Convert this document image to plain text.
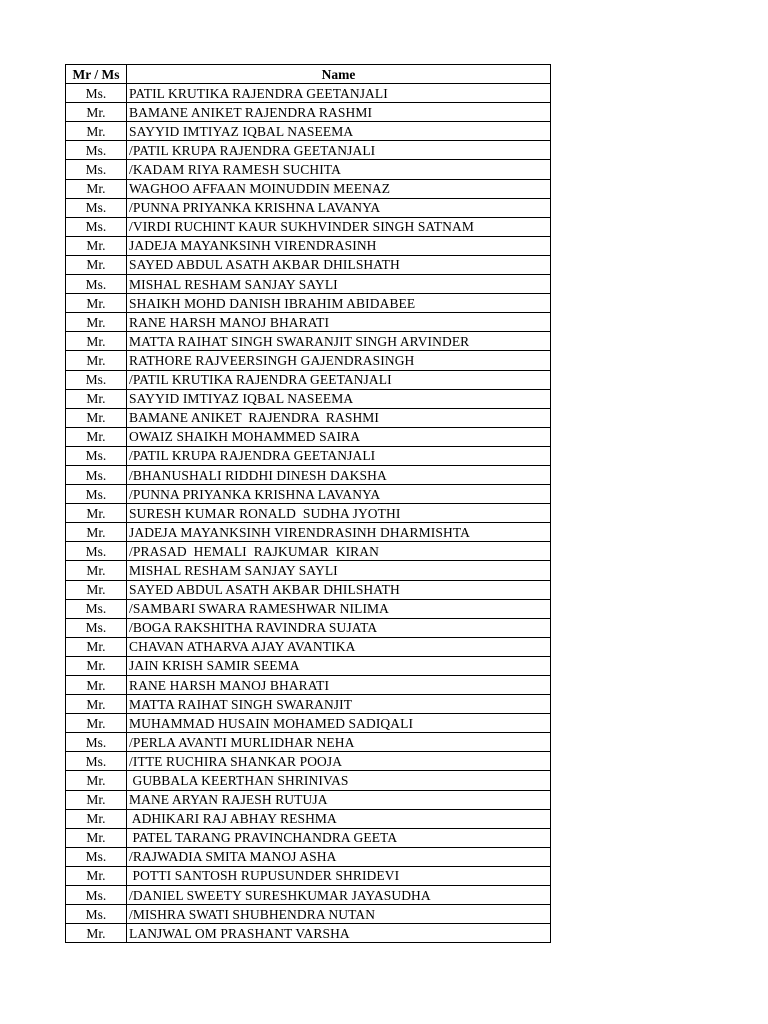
Mr / Ms	Name
Ms.	PATIL KRUTIKA RAJENDRA GEETANJALI
Mr.	BAMANE ANIKET RAJENDRA RASHMI
Mr.	SAYYID IMTIYAZ IQBAL NASEEMA
Ms.	/PATIL KRUPA RAJENDRA GEETANJALI
Ms.	/KADAM RIYA RAMESH SUCHITA
Mr.	WAGHOO AFFAAN MOINUDDIN MEENAZ
Ms.	/PUNNA PRIYANKA KRISHNA LAVANYA
Ms.	/VIRDI RUCHINT KAUR SUKHVINDER SINGH SATNAM
Mr.	JADEJA MAYANKSINH VIRENDRASINH
Mr.	SAYED ABDUL ASATH AKBAR DHILSHATH
Ms.	MISHAL RESHAM SANJAY SAYLI
Mr.	SHAIKH MOHD DANISH IBRAHIM ABIDABEE
Mr.	RANE HARSH MANOJ BHARATI
Mr.	MATTA RAIHAT SINGH SWARANJIT SINGH ARVINDER
Mr.	RATHORE RAJVEERSINGH GAJENDRASINGH
Ms.	/PATIL KRUTIKA RAJENDRA GEETANJALI
Mr.	SAYYID IMTIYAZ IQBAL NASEEMA
Mr.	BAMANE ANIKET  RAJENDRA  RASHMI
Mr.	OWAIZ SHAIKH MOHAMMED SAIRA
Ms.	/PATIL KRUPA RAJENDRA GEETANJALI
Ms.	/BHANUSHALI RIDDHI DINESH DAKSHA
Ms.	/PUNNA PRIYANKA KRISHNA LAVANYA
Mr.	SURESH KUMAR RONALD  SUDHA JYOTHI
Mr.	JADEJA MAYANKSINH VIRENDRASINH DHARMISHTA
Ms.	/PRASAD  HEMALI  RAJKUMAR  KIRAN
Mr.	MISHAL RESHAM SANJAY SAYLI
Mr.	SAYED ABDUL ASATH AKBAR DHILSHATH
Ms.	/SAMBARI SWARA RAMESHWAR NILIMA
Ms.	/BOGA RAKSHITHA RAVINDRA SUJATA
Mr.	CHAVAN ATHARVA AJAY AVANTIKA
Mr.	JAIN KRISH SAMIR SEEMA
Mr.	RANE HARSH MANOJ BHARATI
Mr.	MATTA RAIHAT SINGH SWARANJIT
Mr.	MUHAMMAD HUSAIN MOHAMED SADIQALI
Ms.	/PERLA AVANTI MURLIDHAR NEHA
Ms.	/ITTE RUCHIRA SHANKAR POOJA
Mr.	GUBBALA KEERTHAN SHRINIVAS
Mr.	MANE ARYAN RAJESH RUTUJA
Mr.	ADHIKARI RAJ ABHAY RESHMA
Mr.	PATEL TARANG PRAVINCHANDRA GEETA
Ms.	/RAJWADIA SMITA MANOJ ASHA
Mr.	POTTI SANTOSH RUPUSUNDER SHRIDEVI
Ms.	/DANIEL SWEETY SURESHKUMAR JAYASUDHA
Ms.	/MISHRA SWATI SHUBHENDRA NUTAN
Mr.	LANJWAL OM PRASHANT VARSHA
